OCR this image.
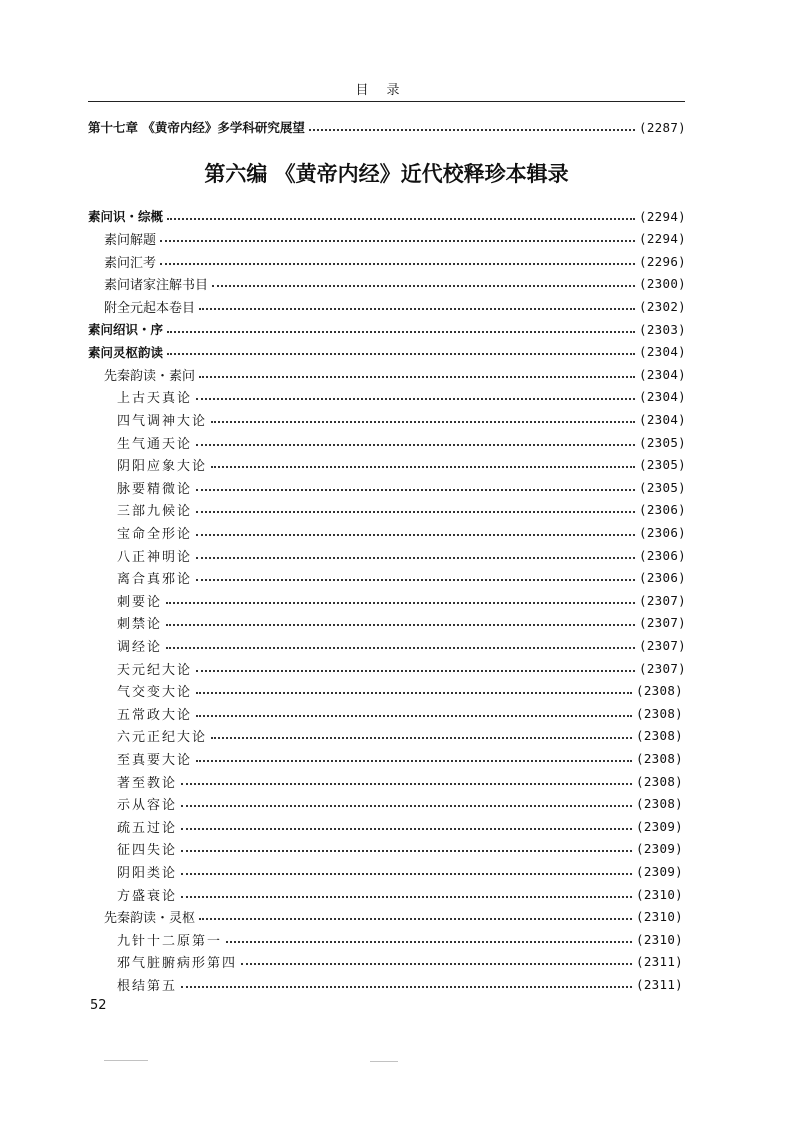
目录
第十七章 《黄帝内经》多学科研究展望	(2287)
第六编 《黄帝内经》近代校释珍本辑录
素问识・综概	(2294)
素问解题	(2294)
素问汇考	(2296)
素问诸家注解书目	(2300)
附全元起本卷目	(2302)
素问绍识・序	(2303)
素问灵枢韵读	(2304)
先秦韵读・素问	(2304)
上古天真论	(2304)
四气调神大论	(2304)
生气通天论	(2305)
阴阳应象大论	(2305)
脉要精微论	(2305)
三部九候论	(2306)
宝命全形论	(2306)
八正神明论	(2306)
离合真邪论	(2306)
刺要论	(2307)
刺禁论	(2307)
调经论	(2307)
天元纪大论	(2307)
气交变大论	(2308)
五常政大论	(2308)
六元正纪大论	(2308)
至真要大论	(2308)
著至教论	(2308)
示从容论	(2308)
疏五过论	(2309)
征四失论	(2309)
阴阳类论	(2309)
方盛衰论	(2310)
先秦韵读・灵枢	(2310)
九针十二原第一	(2310)
邪气脏腑病形第四	(2311)
根结第五	(2311)
52
